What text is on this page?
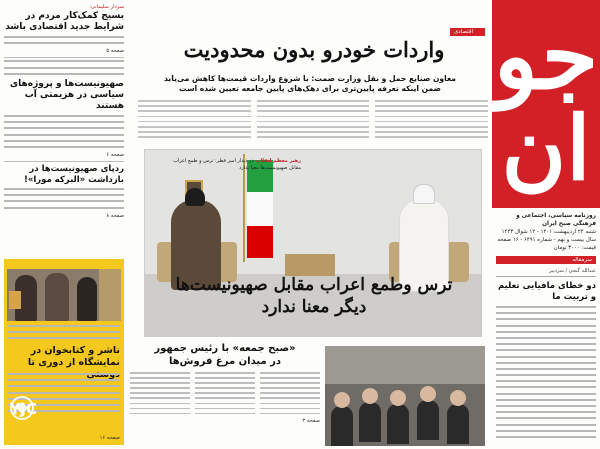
جو
ان
روزنامه سیاسی، اجتماعی و فرهنگی صبح ایران
شنبه ۲۴ اردیبهشت ۱۴۰۱ - ۱۲ شوال ۱۴۴۳
سال بیست و نهم - شماره ۶۴۹۱ - ۱۶ صفحه
قیمت: ۳۰۰۰ تومان
سرمقاله
عبدالله گنجی / سردبیر
دو خطای مافیایی تعلیم و تربیت ما
سردار سلیمانی:
بسیج کمک‌کار مردم در شرایط جدید اقتصادی باشد
صفحه ۵
صهیونیست‌ها و پروژه‌های سیاسی در هزیمتی آب هستند
صفحه ۶
ردپای صهیونیست‌ها در بازداشت «البرکه مورا»!
صفحه ۸
ناشر و کتابخوان در نمایشگاه از دوری تا
صفحه ۱۶
YJC
اقتصادی
واردات خودرو بدون محدودیت
معاون صنایع حمل و نقل وزارت صمت: با شروع واردات قیمت‌ها کاهش می‌یابد
ضمن اینکه تعرفه پایین‌تری برای دهک‌های پایین جامعه تعیین شده است
رهبر معظم انقلاب در دیدار امیر قطر: ترس و طمع اعراب مقابل صهیونیست‌ها معنا ندارد
ترس وطمع اعراب مقابل صهیونیست‌ها
دیگر معنا ندارد
«صبح جمعه» با رئیس جمهور
در میدان مرغ فروش‌ها
صفحه ۳
